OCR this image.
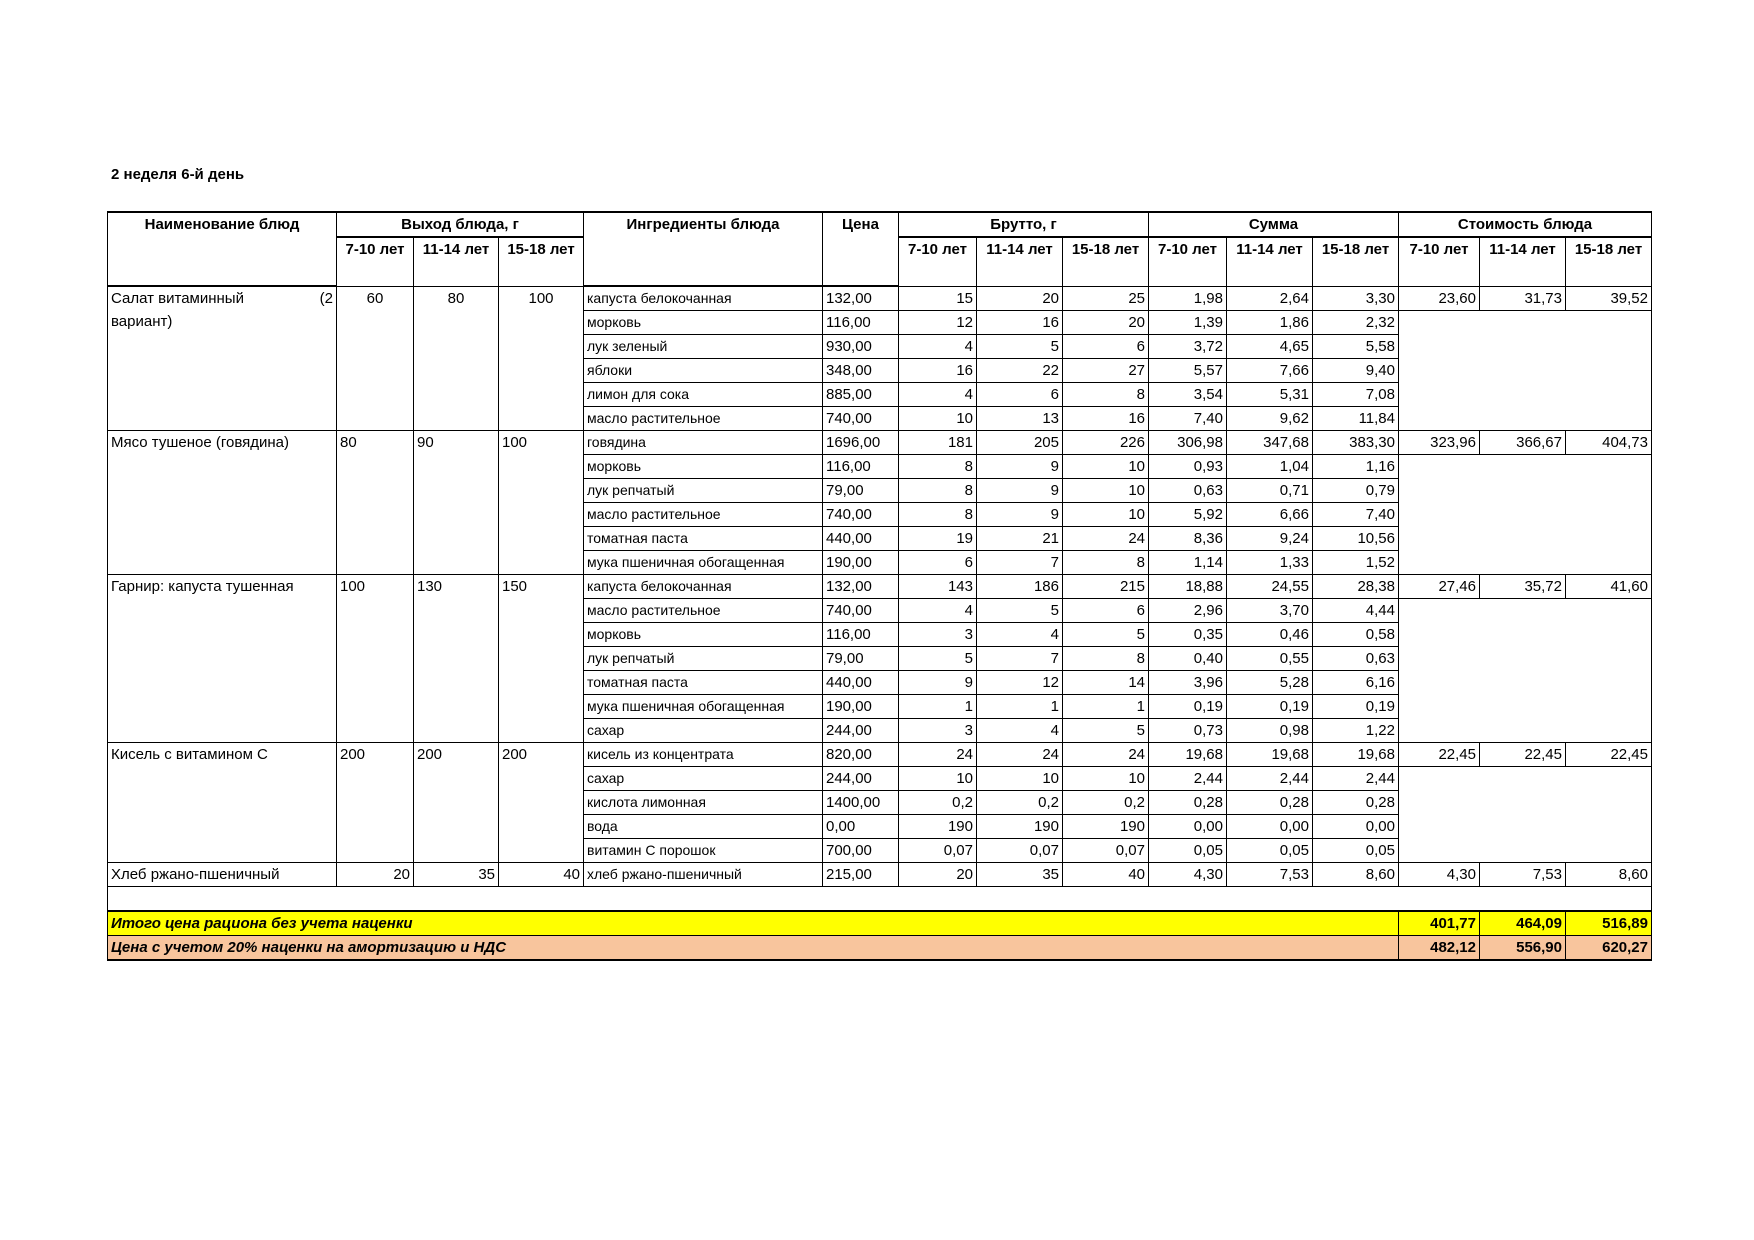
2 неделя 6-й день
Наименование блюд	Выход блюда, г			Ингредиенты блюда	Цена	Брутто, г			Сумма			Стоимость блюда		
	7-10 лет	11-14 лет	15-18 лет			7-10 лет	11-14 лет	15-18 лет	7-10 лет	11-14 лет	15-18 лет	7-10 лет	11-14 лет	15-18 лет

Салат витаминный (2
вариант)	60	80	100	капуста белокочанная	132,00	15	20	25	1,98	2,64	3,30	23,60	31,73	39,52
				морковь	116,00	12	16	20	1,39	1,86	2,32			
				лук зеленый	930,00	4	5	6	3,72	4,65	5,58			
				яблоки	348,00	16	22	27	5,57	7,66	9,40			
				лимон для сока	885,00	4	6	8	3,54	5,31	7,08			
				масло растительное	740,00	10	13	16	7,40	9,62	11,84			
Мясо тушеное (говядина)	80	90	100	говядина	1696,00	181	205	226	306,98	347,68	383,30	323,96	366,67	404,73
				морковь	116,00	8	9	10	0,93	1,04	1,16			
				лук репчатый	79,00	8	9	10	0,63	0,71	0,79			
				масло растительное	740,00	8	9	10	5,92	6,66	7,40			
				томатная паста	440,00	19	21	24	8,36	9,24	10,56			
				мука пшеничная обогащенная	190,00	6	7	8	1,14	1,33	1,52			
Гарнир: капуста тушенная	100	130	150	капуста белокочанная	132,00	143	186	215	18,88	24,55	28,38	27,46	35,72	41,60
				масло растительное	740,00	4	5	6	2,96	3,70	4,44			
				морковь	116,00	3	4	5	0,35	0,46	0,58			
				лук репчатый	79,00	5	7	8	0,40	0,55	0,63			
				томатная паста	440,00	9	12	14	3,96	5,28	6,16			
				мука пшеничная обогащенная	190,00	1	1	1	0,19	0,19	0,19			
				сахар	244,00	3	4	5	0,73	0,98	1,22			
Кисель с витамином С	200	200	200	кисель из концентрата	820,00	24	24	24	19,68	19,68	19,68	22,45	22,45	22,45
				сахар	244,00	10	10	10	2,44	2,44	2,44			
				кислота лимонная	1400,00	0,2	0,2	0,2	0,28	0,28	0,28			
				вода	0,00	190	190	190	0,00	0,00	0,00			
				витамин С порошок	700,00	0,07	0,07	0,07	0,05	0,05	0,05			
Хлеб ржано-пшеничный	20	35	40	хлеб ржано-пшеничный	215,00	20	35	40	4,30	7,53	8,60	4,30	7,53	8,60

Итого цена рациона без учета наценки												401,77	464,09	516,89
Цена с учетом 20% наценки на амортизацию и НДС												482,12	556,90	620,27
